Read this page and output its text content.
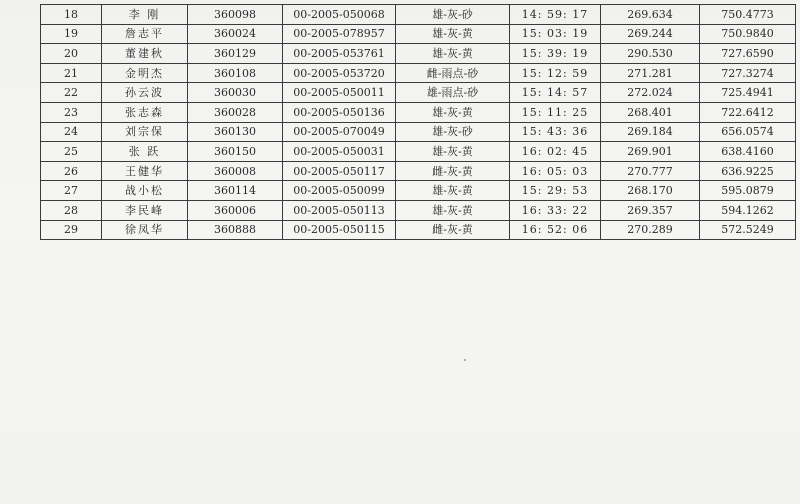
18	李 刚	360098	00-2005-050068	雄-灰-砂	14: 59: 17	269.634	750.4773
19	詹志平	360024	00-2005-078957	雄-灰-黄	15: 03: 19	269.244	750.9840
20	董建秋	360129	00-2005-053761	雄-灰-黄	15: 39: 19	290.530	727.6590
21	金明杰	360108	00-2005-053720	雌-雨点-砂	15: 12: 59	271.281	727.3274
22	孙云波	360030	00-2005-050011	雄-雨点-砂	15: 14: 57	272.024	725.4941
23	张志森	360028	00-2005-050136	雄-灰-黄	15: 11: 25	268.401	722.6412
24	刘宗保	360130	00-2005-070049	雄-灰-砂	15: 43: 36	269.184	656.0574
25	张 跃	360150	00-2005-050031	雄-灰-黄	16: 02: 45	269.901	638.4160
26	王健华	360008	00-2005-050117	雌-灰-黄	16: 05: 03	270.777	636.9225
27	战小松	360114	00-2005-050099	雄-灰-黄	15: 29: 53	268.170	595.0879
28	李民峰	360006	00-2005-050113	雄-灰-黄	16: 33: 22	269.357	594.1262
29	徐凤华	360888	00-2005-050115	雌-灰-黄	16: 52: 06	270.289	572.5249
